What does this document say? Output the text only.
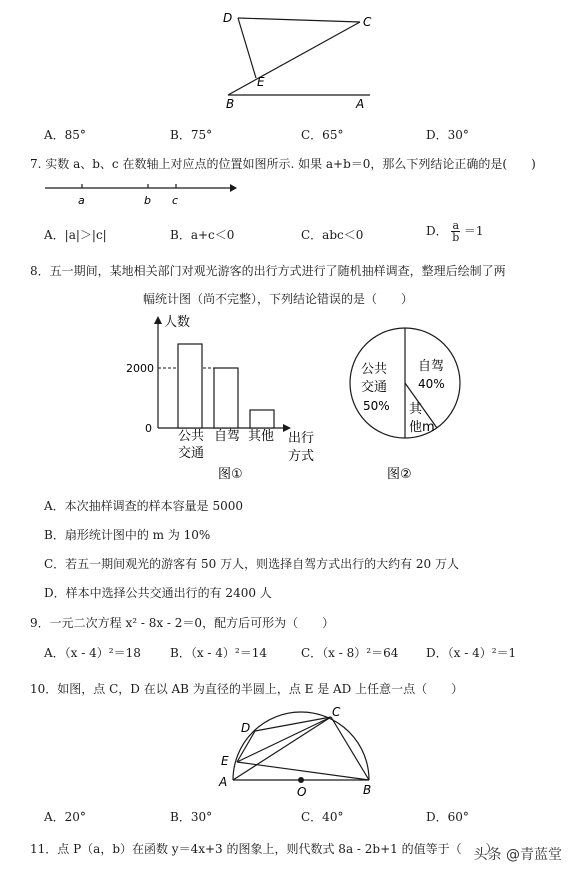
D	C
E
B	A
A．85°	B．75°	C．65°	D．30°
7. 实数 a、b、c 在数轴上对应点的位置如图所示. 如果 a+b＝0，那么下列结论正确的是(　　)
a	b c
A．|a|＞|c|	B．a+c＜0	C．abc＜0	D． $\frac{a}{b} =1$
8．五一期间，某地相关部门对观光游客的出行方式进行了随机抽样调查，整理后绘制了两
幅统计图（尚不完整），下列结论错误的是（　　）
人数
2000
0
公共
交通
自驾 其他 出行
方式
图①
公共
交通
50%
自驾
40%
其
他m
图②
A．本次抽样调查的样本容量是 5000
B．扇形统计图中的 m 为 10%
C．若五一期间观光的游客有 50 万人，则选择自驾方式出行的大约有 20 万人
D．样本中选择公共交通出行的有 2400 人
9．一元二次方程 x² - 8x - 2＝0，配方后可形为（　　）
A．（x - 4）²＝18 B．（x - 4）²＝14	C．（x - 8）²＝64 D．（x - 4）²＝1
10．如图，点 C，D 在以 AB 为直径的半圆上，点 E 是 AD 上任意一点（　　）
D
C
E
A
O	B
A．20°	B．30°	C．40°	D．60°
11．点 P（a，b）在函数 y＝4x+3 的图象上，则代数式 8a - 2b+1 的值等于（　　）
头条 @青蓝堂
